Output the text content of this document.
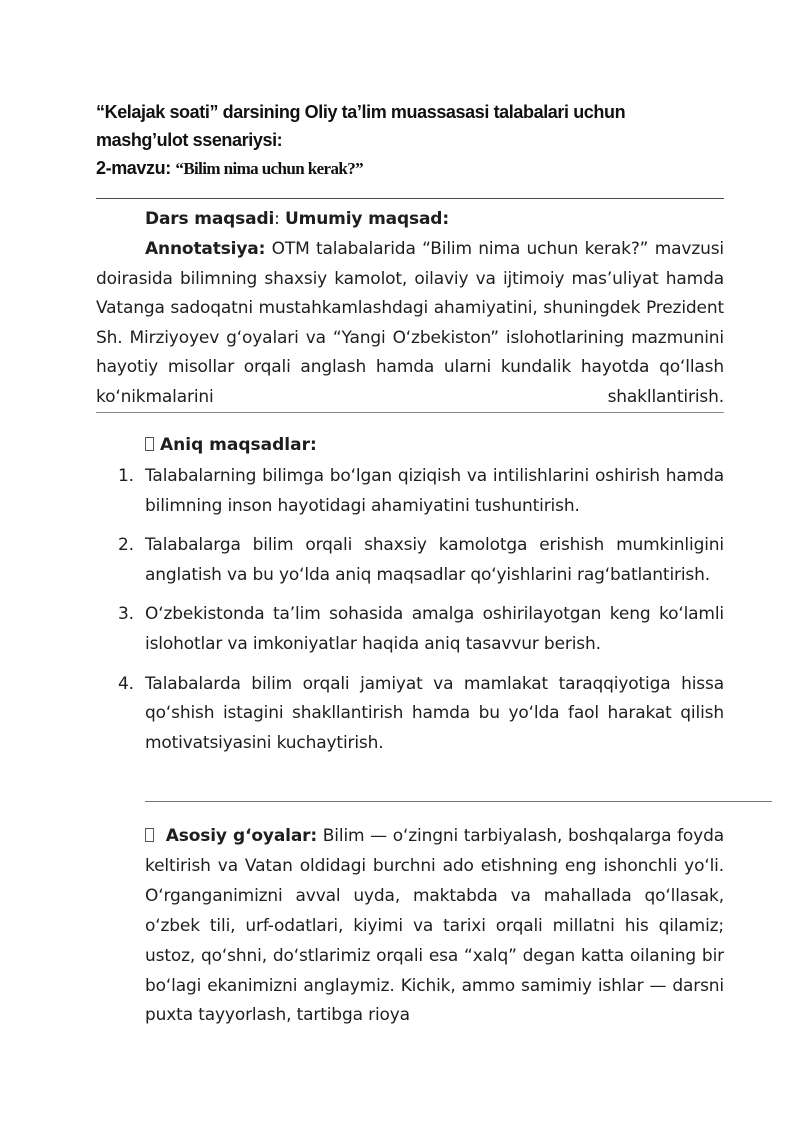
“Kelajak soati” darsining Oliy ta’lim muassasasi talabalari uchun
mashg’ulot ssenariysi:
2-mavzu: “Bilim nima uchun kerak?”
Dars maqsadi: Umumiy maqsad:
Annotatsiya: OTM talabalarida “Bilim nima uchun kerak?” mavzusi doirasida bilimning shaxsiy kamolot, oilaviy va ijtimoiy mas’uliyat hamda Vatanga sadoqatni mustahkamlashdagi ahamiyatini, shuningdek Prezident Sh. Mirziyoyev g‘oyalari va “Yangi O‘zbekiston” islohotlarining mazmunini hayotiy misollar orqali anglash hamda ularni kundalik hayotda qo‘llash ko‘nikmalarini shakllantirish.
Aniq maqsadlar:
1. Talabalarning bilimga bo‘lgan qiziqish va intilishlarini oshirish hamda bilimning inson hayotidagi ahamiyatini tushuntirish.
2. Talabalarga bilim orqali shaxsiy kamolotga erishish mumkinligini anglatish va bu yo‘lda aniq maqsadlar qo‘yishlarini rag‘batlantirish.
3. O‘zbekistonda ta’lim sohasida amalga oshirilayotgan keng ko‘lamli islohotlar va imkoniyatlar haqida aniq tasavvur berish.
4. Talabalarda bilim orqali jamiyat va mamlakat taraqqiyotiga hissa qo‘shish istagini shakllantirish hamda bu yo‘lda faol harakat qilish motivatsiyasini kuchaytirish.
Asosiy g‘oyalar: Bilim — o‘zingni tarbiyalash, boshqalarga foyda keltirish va Vatan oldidagi burchni ado etishning eng ishonchli yo‘li. O‘rganganimizni avval uyda, maktabda va mahallada qo‘llasak, o‘zbek tili, urf-odatlari, kiyimi va tarixi orqali millatni his qilamiz; ustoz, qo‘shni, do‘stlarimiz orqali esa “xalq” degan katta oilaning bir bo‘lagi ekanimizni anglaymiz. Kichik, ammo samimiy ishlar — darsni puxta tayyorlash, tartibga rioya
